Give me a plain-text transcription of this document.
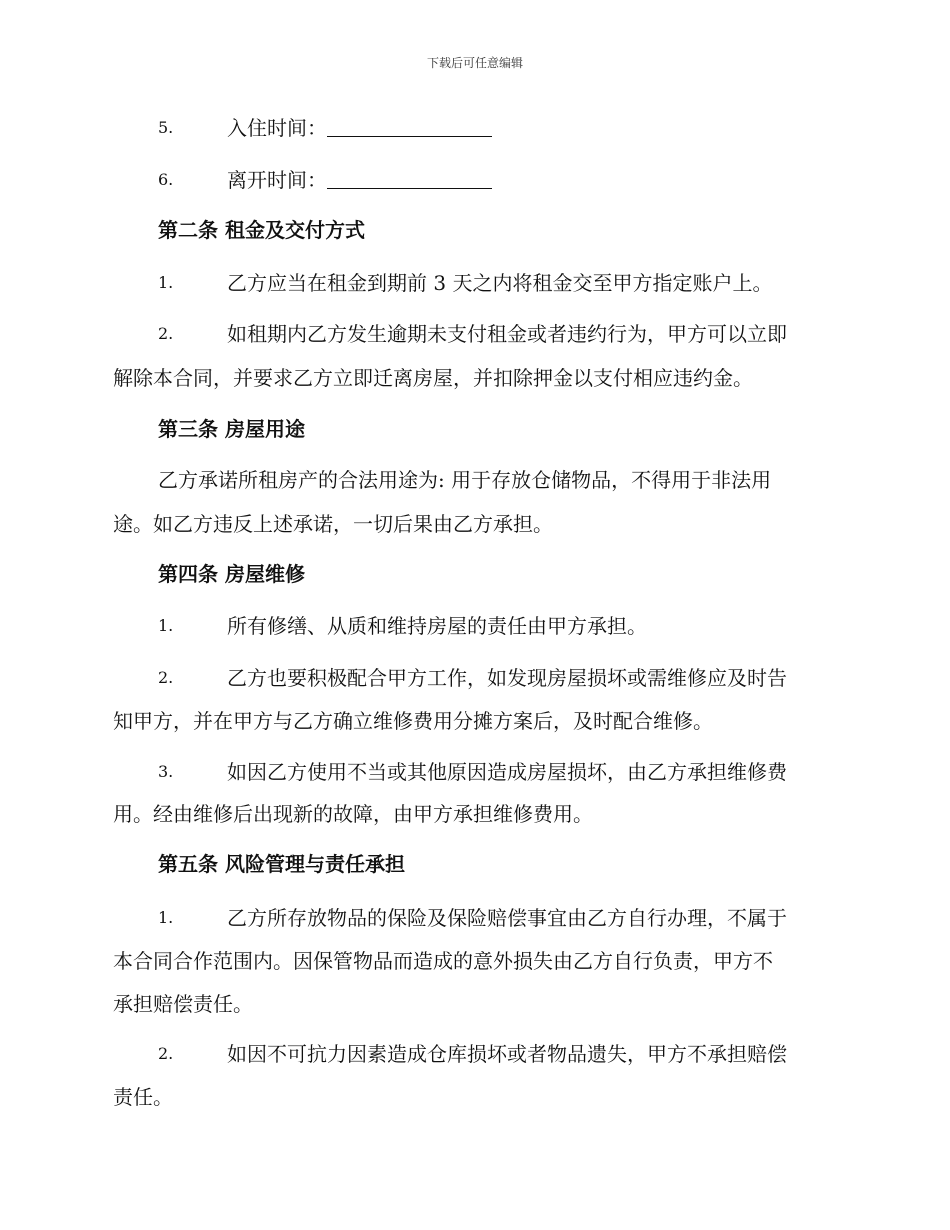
下载后可任意编辑
5.	入住时间：
6.	离开时间：
第二条 租金及交付方式
1.	乙方应当在租金到期前 3 天之内将租金交至甲方指定账户上。
2.	如租期内乙方发生逾期未支付租金或者违约行为，甲方可以立即
解除本合同，并要求乙方立即迁离房屋，并扣除押金以支付相应违约金。
第三条 房屋用途
乙方承诺所租房产的合法用途为: 用于存放仓储物品，不得用于非法用
途。如乙方违反上述承诺，一切后果由乙方承担。
第四条 房屋维修
1.	所有修缮、从质和维持房屋的责任由甲方承担。
2.	乙方也要积极配合甲方工作，如发现房屋损坏或需维修应及时告
知甲方，并在甲方与乙方确立维修费用分摊方案后，及时配合维修。
3.	如因乙方使用不当或其他原因造成房屋损坏，由乙方承担维修费
用。经由维修后出现新的故障，由甲方承担维修费用。
第五条 风险管理与责任承担
1.	乙方所存放物品的保险及保险赔偿事宜由乙方自行办理，不属于
本合同合作范围内。因保管物品而造成的意外损失由乙方自行负责，甲方不
承担赔偿责任。
2.	如因不可抗力因素造成仓库损坏或者物品遗失，甲方不承担赔偿
责任。
